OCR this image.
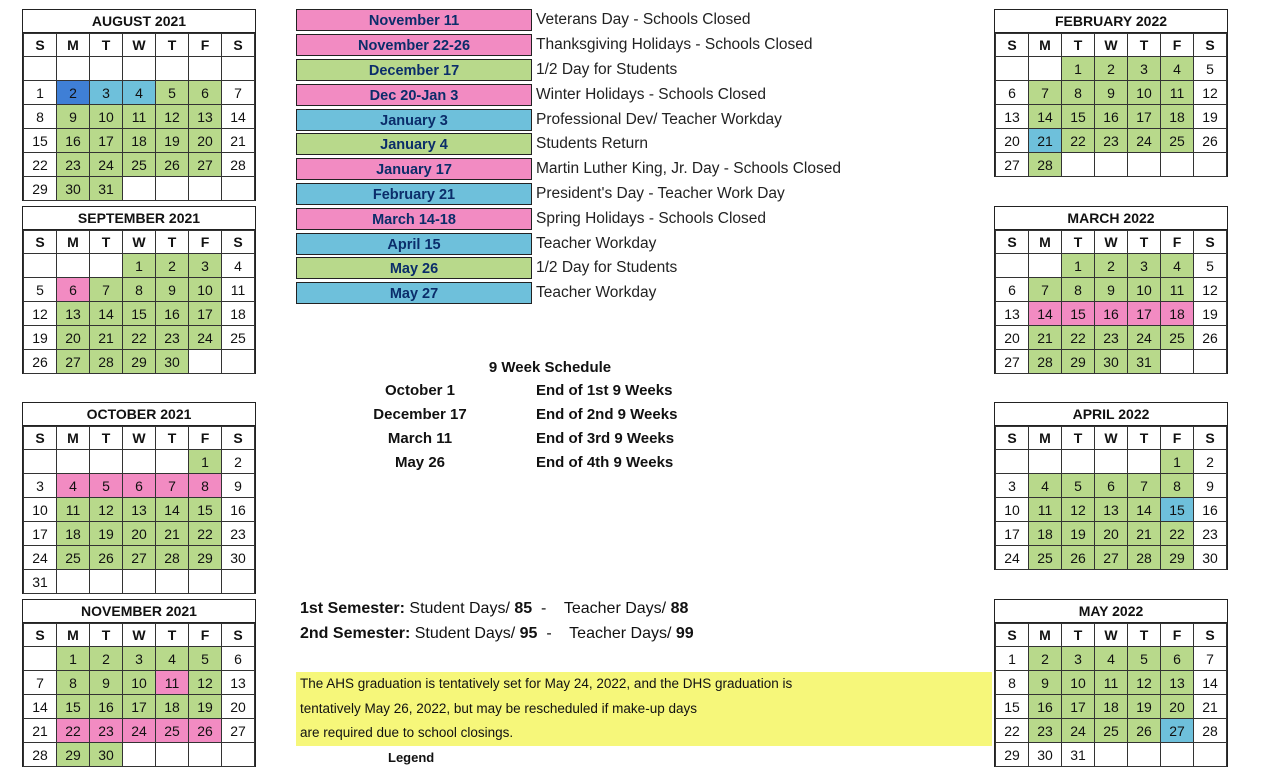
AUGUST 2021
S	M	T	W	T	F	S

1	2	3	4	5	6	7
8	9	10	11	12	13	14
15	16	17	18	19	20	21
22	23	24	25	26	27	28
29	30	31				
SEPTEMBER 2021
S	M	T	W	T	F	S
			1	2	3	4
5	6	7	8	9	10	11
12	13	14	15	16	17	18
19	20	21	22	23	24	25
26	27	28	29	30		
OCTOBER 2021
S	M	T	W	T	F	S
					1	2
3	4	5	6	7	8	9
10	11	12	13	14	15	16
17	18	19	20	21	22	23
24	25	26	27	28	29	30
31						
NOVEMBER 2021
S	M	T	W	T	F	S
	1	2	3	4	5	6
7	8	9	10	11	12	13
14	15	16	17	18	19	20
21	22	23	24	25	26	27
28	29	30				
FEBRUARY 2022
S	M	T	W	T	F	S
		1	2	3	4	5
6	7	8	9	10	11	12
13	14	15	16	17	18	19
20	21	22	23	24	25	26
27	28					
MARCH 2022
S	M	T	W	T	F	S
		1	2	3	4	5
6	7	8	9	10	11	12
13	14	15	16	17	18	19
20	21	22	23	24	25	26
27	28	29	30	31		
APRIL 2022
S	M	T	W	T	F	S
					1	2
3	4	5	6	7	8	9
10	11	12	13	14	15	16
17	18	19	20	21	22	23
24	25	26	27	28	29	30
MAY 2022
S	M	T	W	T	F	S
1	2	3	4	5	6	7
8	9	10	11	12	13	14
15	16	17	18	19	20	21
22	23	24	25	26	27	28
29	30	31				
November 11	Veterans Day - Schools Closed
November 22-26	Thanksgiving Holidays - Schools Closed
December 17	1/2 Day for Students
Dec 20-Jan 3	Winter Holidays - Schools Closed
January 3	Professional Dev/ Teacher Workday
January 4	Students Return
January 17	Martin Luther King, Jr. Day - Schools Closed
February 21	President's Day - Teacher Work Day
March 14-18	Spring Holidays - Schools Closed
April 15	Teacher Workday
May 26	1/2 Day for Students
May 27	Teacher Workday
9 Week Schedule
October 1	End of 1st 9 Weeks
December 17	End of 2nd 9 Weeks
March 11	End of 3rd 9 Weeks
May 26	End of 4th 9 Weeks
1st Semester: Student Days/ 85  -    Teacher Days/ 88
2nd Semester: Student Days/ 95  -    Teacher Days/ 99
The AHS graduation is tentatively set for May 24, 2022, and the DHS graduation is
tentatively May 26, 2022, but may be rescheduled if make-up days
are required due to school closings.
Legend
